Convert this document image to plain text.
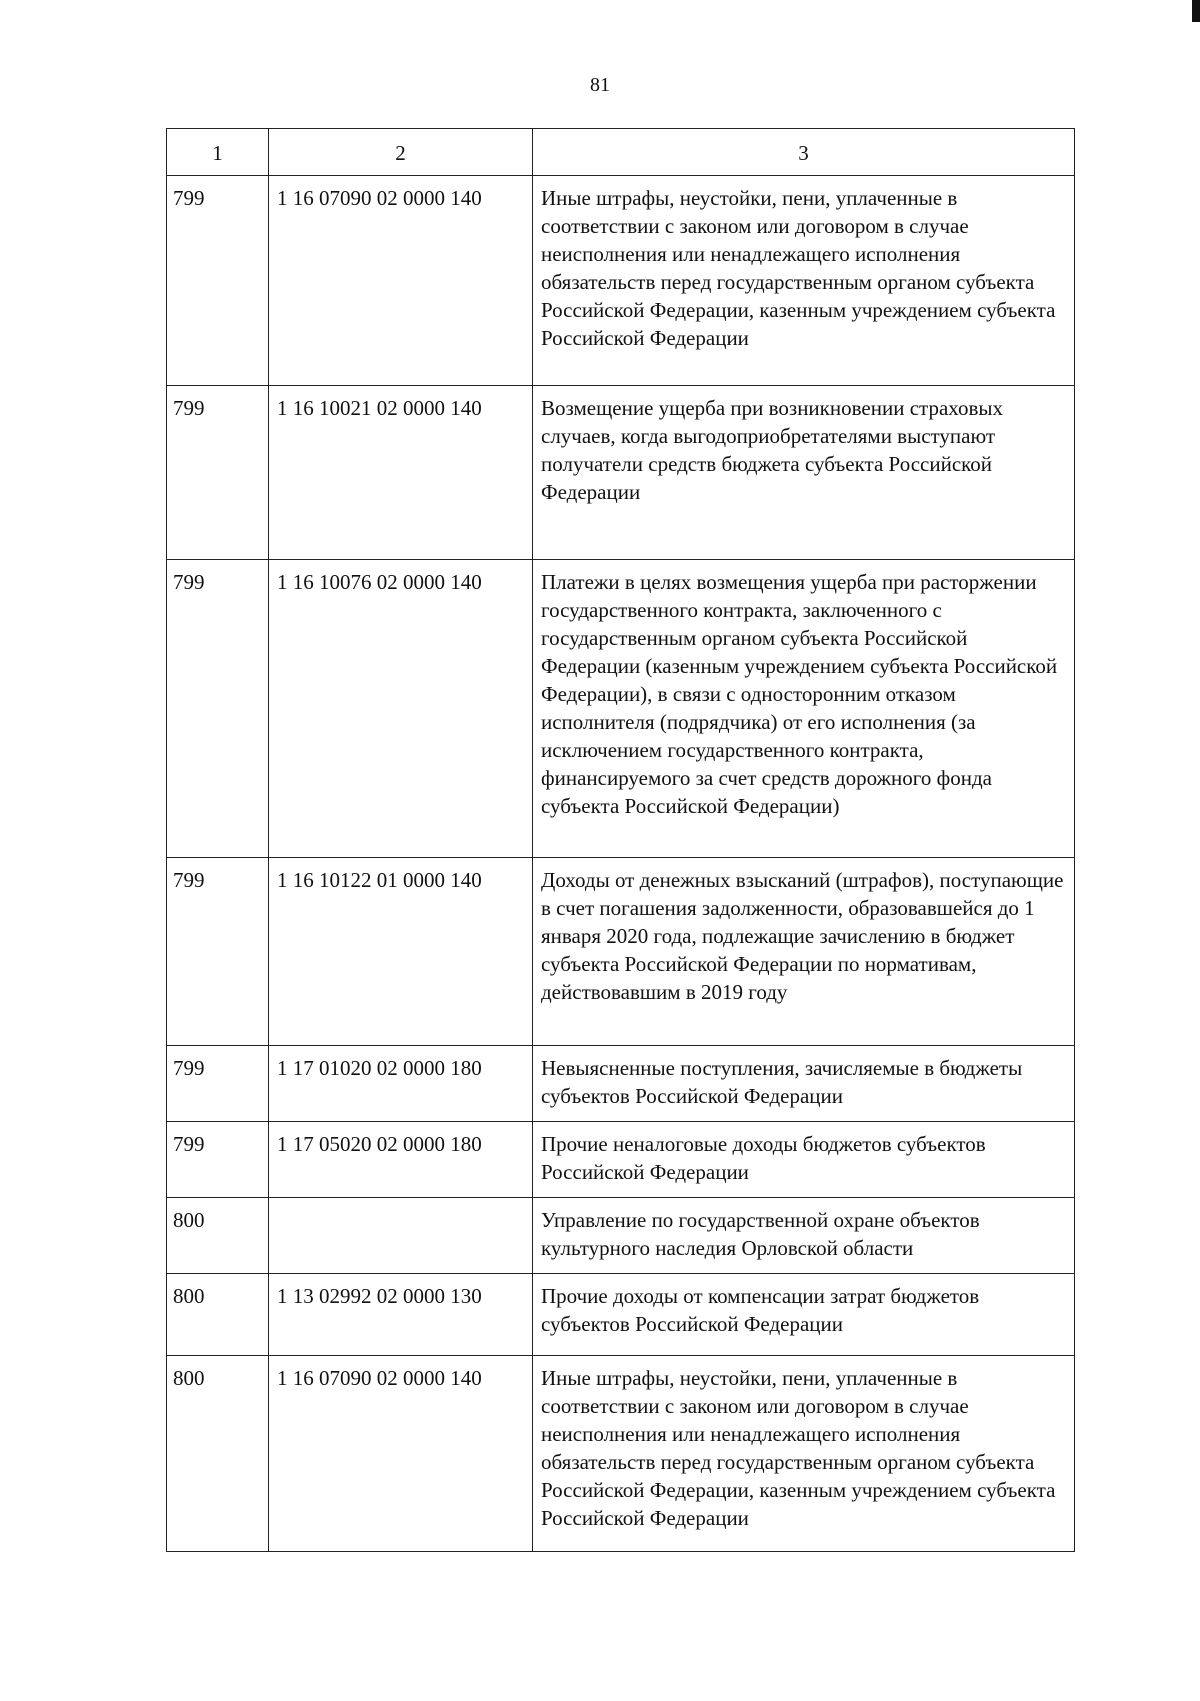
81
1	2	3
799	1 16 07090 02 0000 140	Иные штрафы, неустойки, пени, уплаченные в соответствии с законом или договором в случае неисполнения или ненадлежащего исполнения обязательств перед государственным органом субъекта Российской Федерации, казенным учреждением субъекта Российской Федерации
799	1 16 10021 02 0000 140	Возмещение ущерба при возникновении страховых случаев, когда выгодоприобретателями выступают получатели средств бюджета субъекта Российской Федерации
799	1 16 10076 02 0000 140	Платежи в целях возмещения ущерба при расторжении государственного контракта, заключенного с государственным органом субъекта Российской Федерации (казенным учреждением субъекта Российской Федерации), в связи с односторонним отказом исполнителя (подрядчика) от его исполнения (за исключением государственного контракта, финансируемого за счет средств дорожного фонда субъекта Российской Федерации)
799	1 16 10122 01 0000 140	Доходы от денежных взысканий (штрафов), поступающие в счет погашения задолженности, образовавшейся до 1 января 2020 года, подлежащие зачислению в бюджет субъекта Российской Федерации по нормативам, действовавшим в 2019 году
799	1 17 01020 02 0000 180	Невыясненные поступления, зачисляемые в бюджеты субъектов Российской Федерации
799	1 17 05020 02 0000 180	Прочие неналоговые доходы бюджетов субъектов Российской Федерации
800		Управление по государственной охране объектов культурного наследия Орловской области
800	1 13 02992 02 0000 130	Прочие доходы от компенсации затрат бюджетов субъектов Российской Федерации
800	1 16 07090 02 0000 140	Иные штрафы, неустойки, пени, уплаченные в соответствии с законом или договором в случае неисполнения или ненадлежащего исполнения обязательств перед государственным органом субъекта Российской Федерации, казенным учреждением субъекта Российской Федерации
